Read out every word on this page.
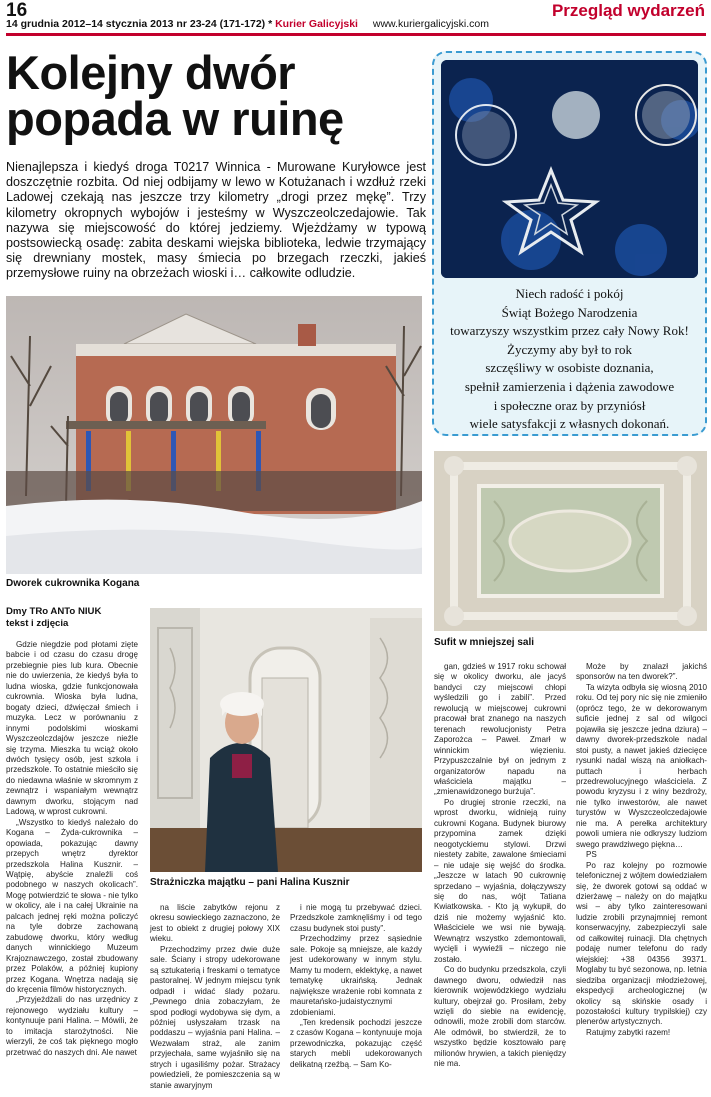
16	Przegląd wydarzeń
14 grudnia 2012–14 stycznia 2013 nr 23-24 (171-172) * Kurier Galicyjski www.kuriergalicyjski.com
Kolejny dwór
popada w ruinę

Nienajlepsza i kiedyś droga T0217 Winnica - Murowane Kuryłowce jest doszczętnie rozbita. Od niej odbijamy w lewo w Kotużanach i wzdłuż rzeki Ladowej czekają nas jeszcze trzy kilometry „drogi przez mękę”. Trzy kilometry okropnych wybojów i jesteśmy w Wyszczeolczedajowie. Tak nazywa się miejscowość do której jedziemy. Wjeżdżamy w typową postsowiecką osadę: zabita deskami wiejska biblioteka, ledwie trzymający się drewniany mostek, masy śmiecia po brzegach rzeczki, jakieś przemysłowe ruiny na obrzeżach wioski i… całkowite odludzie.

Dworek cukrownika Kogana
Niech radość i pokój
Świąt Bożego Narodzenia
towarzyszy wszystkim przez cały Nowy Rok!
Życzymy aby był to rok
szczęśliwy w osobiste doznania,
spełnił zamierzenia i dążenia zawodowe
i społeczne oraz by przyniósł
wiele satysfakcji z własnych dokonań.
Sufit w mniejszej sali
Dmy TRo ANTo NIUK
tekst i zdjęcia
Strażniczka majątku – pani Halina Kusznir

Gdzie niegdzie pod płotami zięte babcie i od czasu do czasu drogę przebiegnie pies lub kura. Obecnie nie do uwierzenia, że kiedyś była to ludna wioska, gdzie funkcjonowała cukrownia. Wioska była ludna, bogaty dzieci, dźwięczał śmiech i muzyka. Lecz w porównaniu z innymi podolskimi wioskami Wyszczeolczdajów jeszcze nieźle się trzyma. Mieszka tu wciąż około dwóch tysięcy osób, jest szkoła i przedszkole. To ostatnie mieściło się do niedawna właśnie w skromnym z zewnątrz i wspaniałym wewnątrz dawnym dworku, stojącym nad Ladową, w wprost cukrowni.

„Wszystko to kiedyś należało do Kogana – Żyda-cukrownika – opowiada, pokazując dawny przepych wnętrz dyrektor przedszkola Halina Kusznir. – Wątpię, abyście znaleźli coś podobnego w naszych okolicach”. Mogę potwierdzić te słowa - nie tylko w okolicy, ale i na całej Ukrainie na palcach jednej ręki można policzyć na tyle dobrze zachowaną zabudowę dworku, który według danych winnickiego Muzeum Krajoznawczego, został zbudowany przez Polaków, a później kupiony przez Kogana. Wnętrza nadają się do kręcenia filmów historycznych.

„Przyjeżdżali do nas urzędnicy z rejonowego wydziału kultury – kontynuuje pani Halina. – Mówili, że to imitacja starożytności. Nie wierzyli, że coś tak pięknego mogło przetrwać do naszych dni. Ale nawet

na liście zabytków rejonu z okresu sowieckiego zaznaczono, że jest to obiekt z drugiej połowy XIX wieku.

Przechodzimy przez dwie duże sale. Ściany i stropy udekorowane są sztukaterią i freskami o tematyce pastoralnej. W jednym miejscu tynk odpadł i widać ślady pożaru. „Pewnego dnia zobaczyłam, że spod podłogi wydobywa się dym, a później usłyszałam trzask na poddaszu – wyjaśnia pani Halina. – Wezwałam straż, ale zanim przyjechała, same wyjaśniło się na strych i ugasiliśmy pożar. Strażacy powiedzieli, że pomieszczenia są w stanie awaryjnym

i nie mogą tu przebywać dzieci. Przedszkole zamknęliśmy i od tego czasu budynek stoi pusty”.

Przechodzimy przez sąsiednie sale. Pokoje są mniejsze, ale każdy jest udekorowany w innym stylu. Mamy tu modern, eklektykę, a nawet tematykę ukraińską. Jednak największe wrażenie robi komnata z mauretańsko-judaistycznymi zdobieniami.

„Ten kredensik pochodzi jeszcze z czasów Kogana – kontynuuje moja przewodniczka, pokazując część starych mebli udekorowanych delikatną rzeźbą. – Sam Ko-

gan, gdzieś w 1917 roku schował się w okolicy dworku, ale jacyś bandyci czy miejscowi chłopi wyśledzili go i zabili”. Przed rewolucją w miejscowej cukrowni pracował brat znanego na naszych terenach rewolucjonisty Petra Zaporożca – Paweł. Zmarł w winnickim więzieniu. Przypuszczalnie był on jednym z organizatorów napadu na właściciela majątku – „zmienawidzonego burżuja”.

Po drugiej stronie rzeczki, na wprost dworku, widnieją ruiny cukrowni Kogana. Budynek biurowy przypomina zamek dzięki neogotyckiemu stylowi. Drzwi niestety zabite, zawalone śmieciami – nie udaje się wejść do środka. „Jeszcze w latach 90 cukrownię sprzedano – wyjaśnia, dołączywszy się do nas, wójt Tatiana Kwiatkowska. - Kto ją wykupił, do dziś nie możemy wyjaśnić kto. Właściciele we wsi nie bywają. Wewnątrz wszystko zdemontowali, wycięli i wywieźli – niczego nie zostało.

Co do budynku przedszkola, czyli dawnego dworu, odwiedził nas kierownik wojewódzkiego wydziału kultury, obejrzał go. Prosiłam, żeby wzięli do siebie na ewidencję, odnowili, może zrobili dom starców. Ale odmówił, bo stwierdził, że to wszystko będzie kosztowało parę milionów hrywien, a takich pieniędzy nie ma.

Może by znalazł jakichś sponsorów na ten dworek?”.

Ta wizyta odbyła się wiosną 2010 roku. Od tej pory nic się nie zmieniło (oprócz tego, że w dekorowanym suficie jednej z sal od wilgoci pojawiła się jeszcze jedna dziura) – dawny dworek-przedszkole nadal stoi pusty, a nawet jakieś dziecięce rysunki nadal wiszą na aniołkach-puttach i herbach przedrewolucyjnego właściciela. Z powodu kryzysu i z winy bezdroży, nie tylko inwestorów, ale nawet turystów w Wyszczeolczedajowie nie ma. A perełka architektury powoli umiera nie odkryszy ludziom swego prawdziwego piękna…

PS

Po raz kolejny po rozmowie telefonicznej z wójtem dowiedziałem się, że dworek gotowi są oddać w dzierżawę – należy on do majątku wsi – aby tylko zainteresowani ludzie zrobili przynajmniej remont konserwacyjny, zabezpieczyli sale od całkowitej ruinacji. Dla chętnych podaję numer telefonu do rady wiejskiej: +38 04356 39371. Moglaby tu być sezonowa, np. letnia siedziba organizacji młodzieżowej, ekspedycji archeologicznej (w okolicy są skińskie osady i pozostałości kultury trypilskiej) czy plenerów artystycznych.

Ratujmy zabytki razem!
